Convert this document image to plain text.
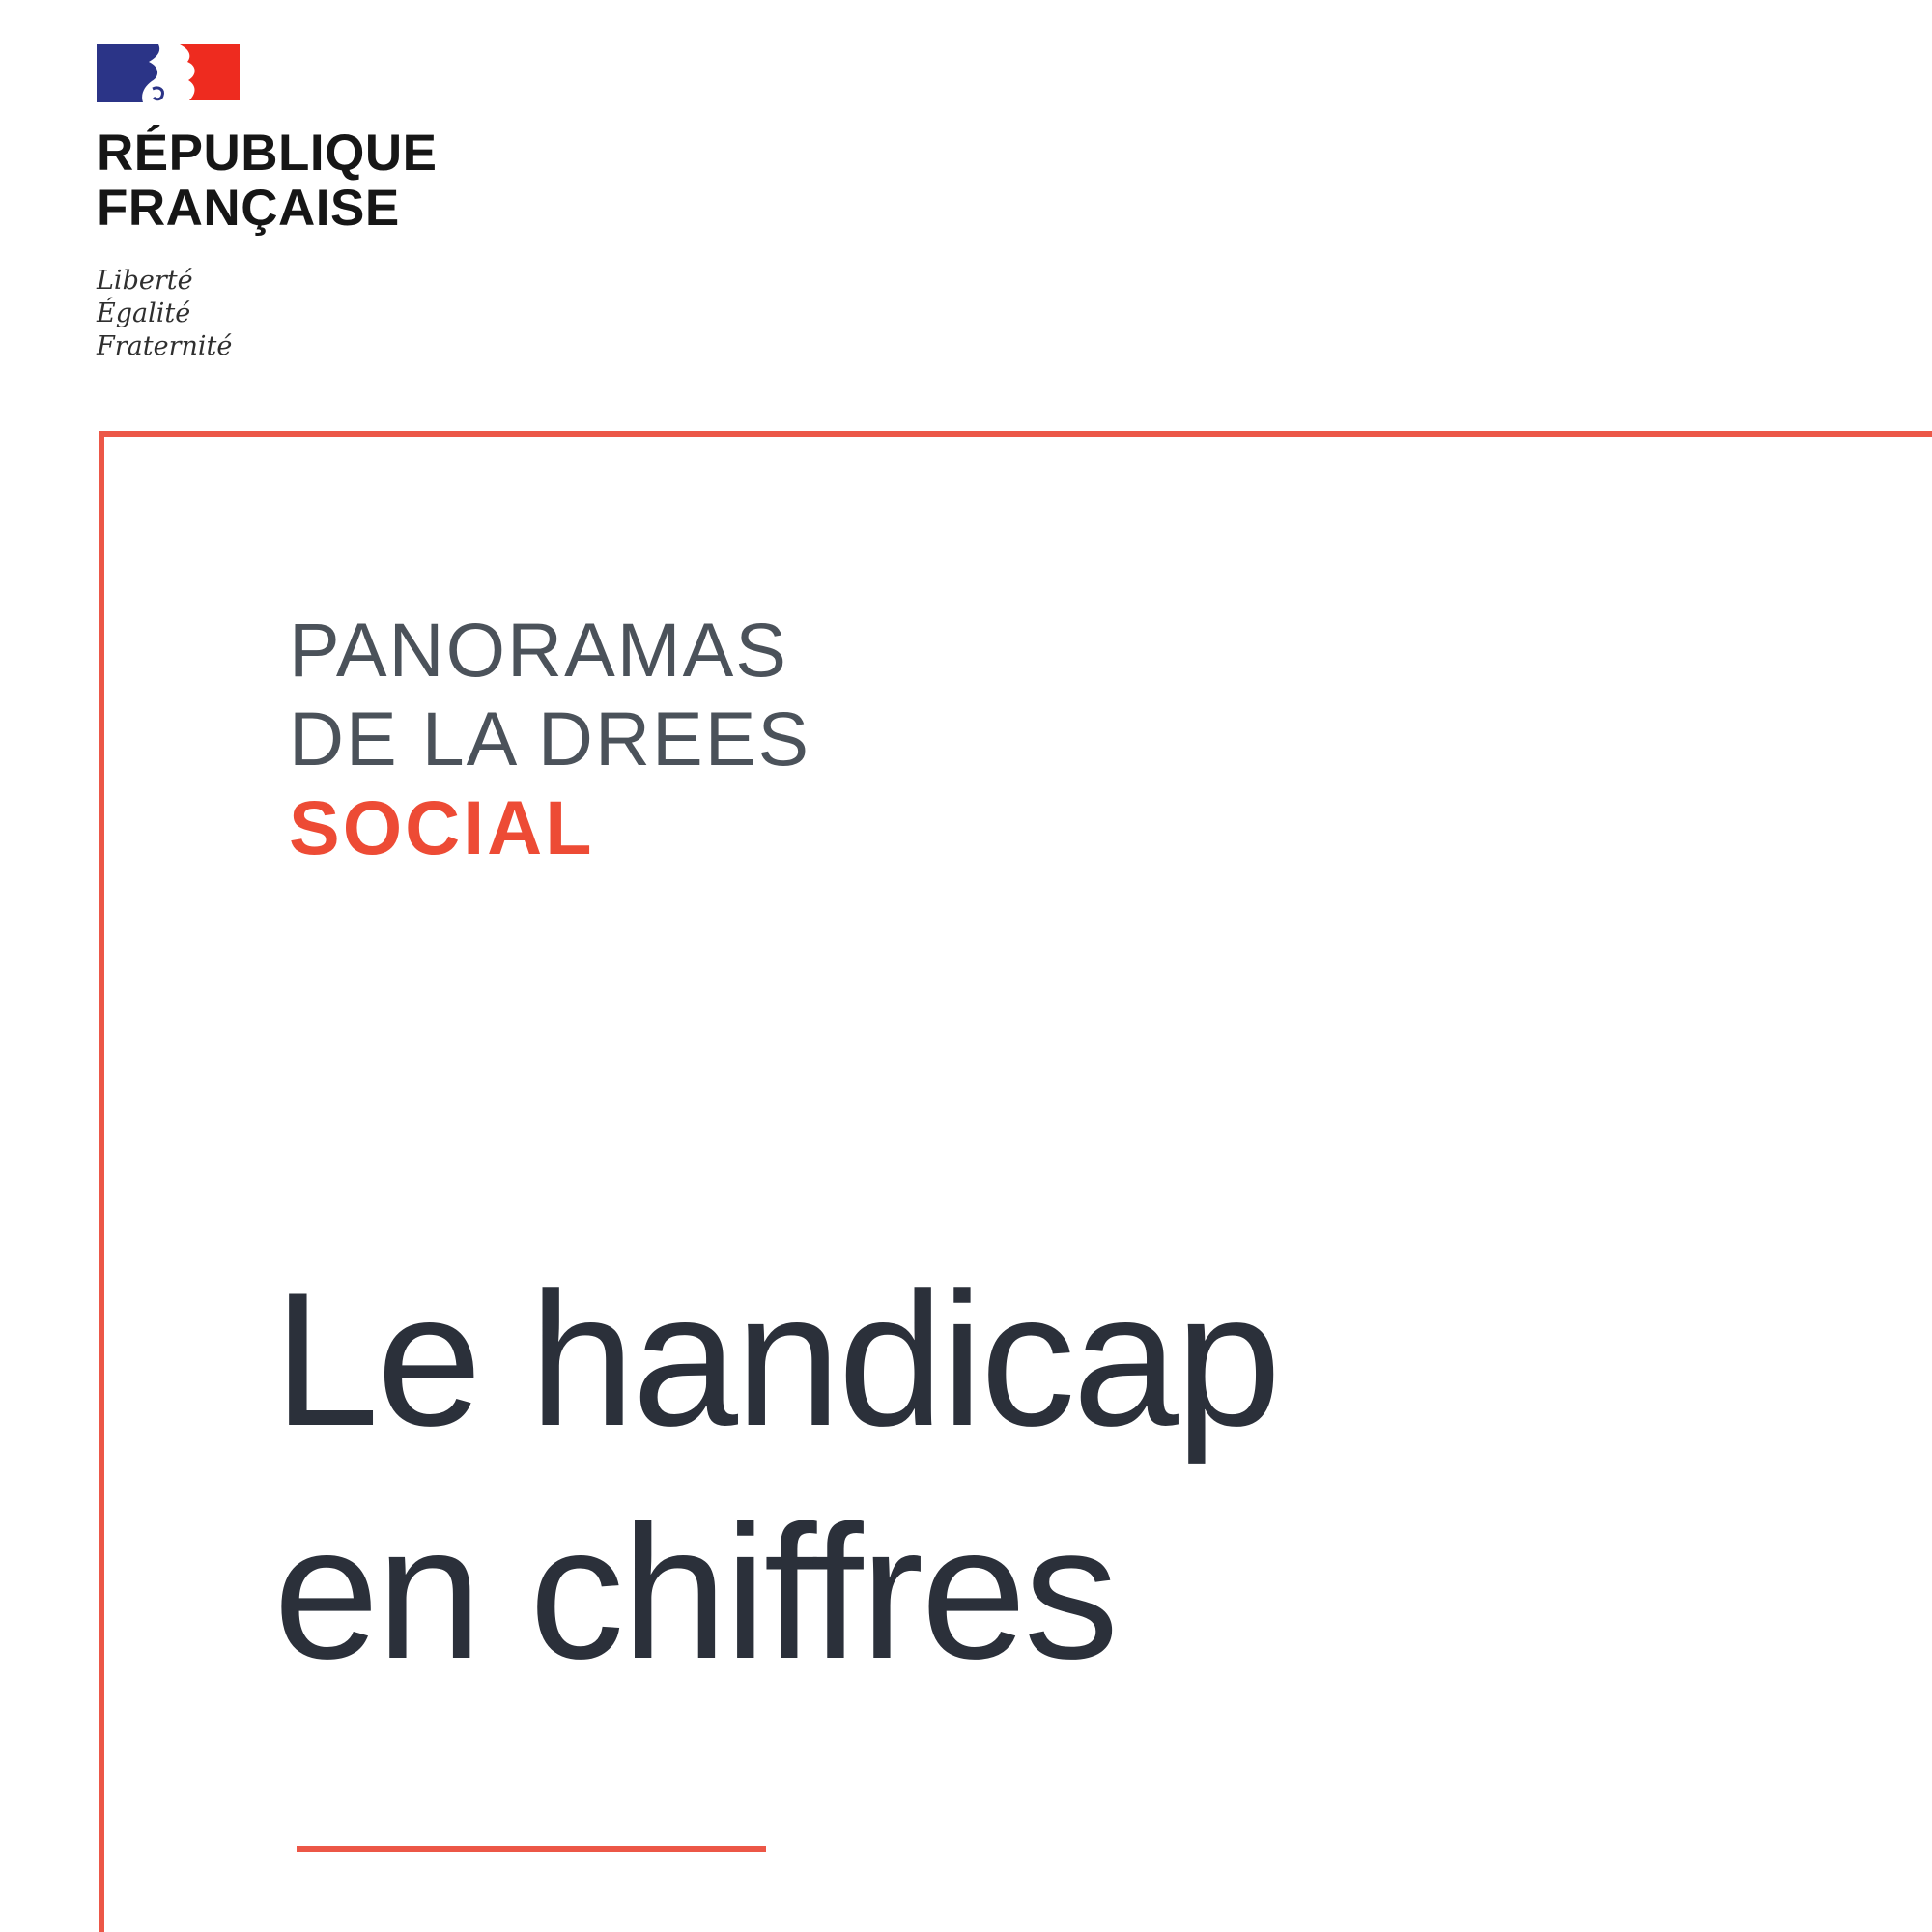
RÉPUBLIQUE
FRANÇAISE
Liberté
Égalité
Fraternité
PANORAMAS
DE LA DREES
SOCIAL
Le handicap
en chiffres
